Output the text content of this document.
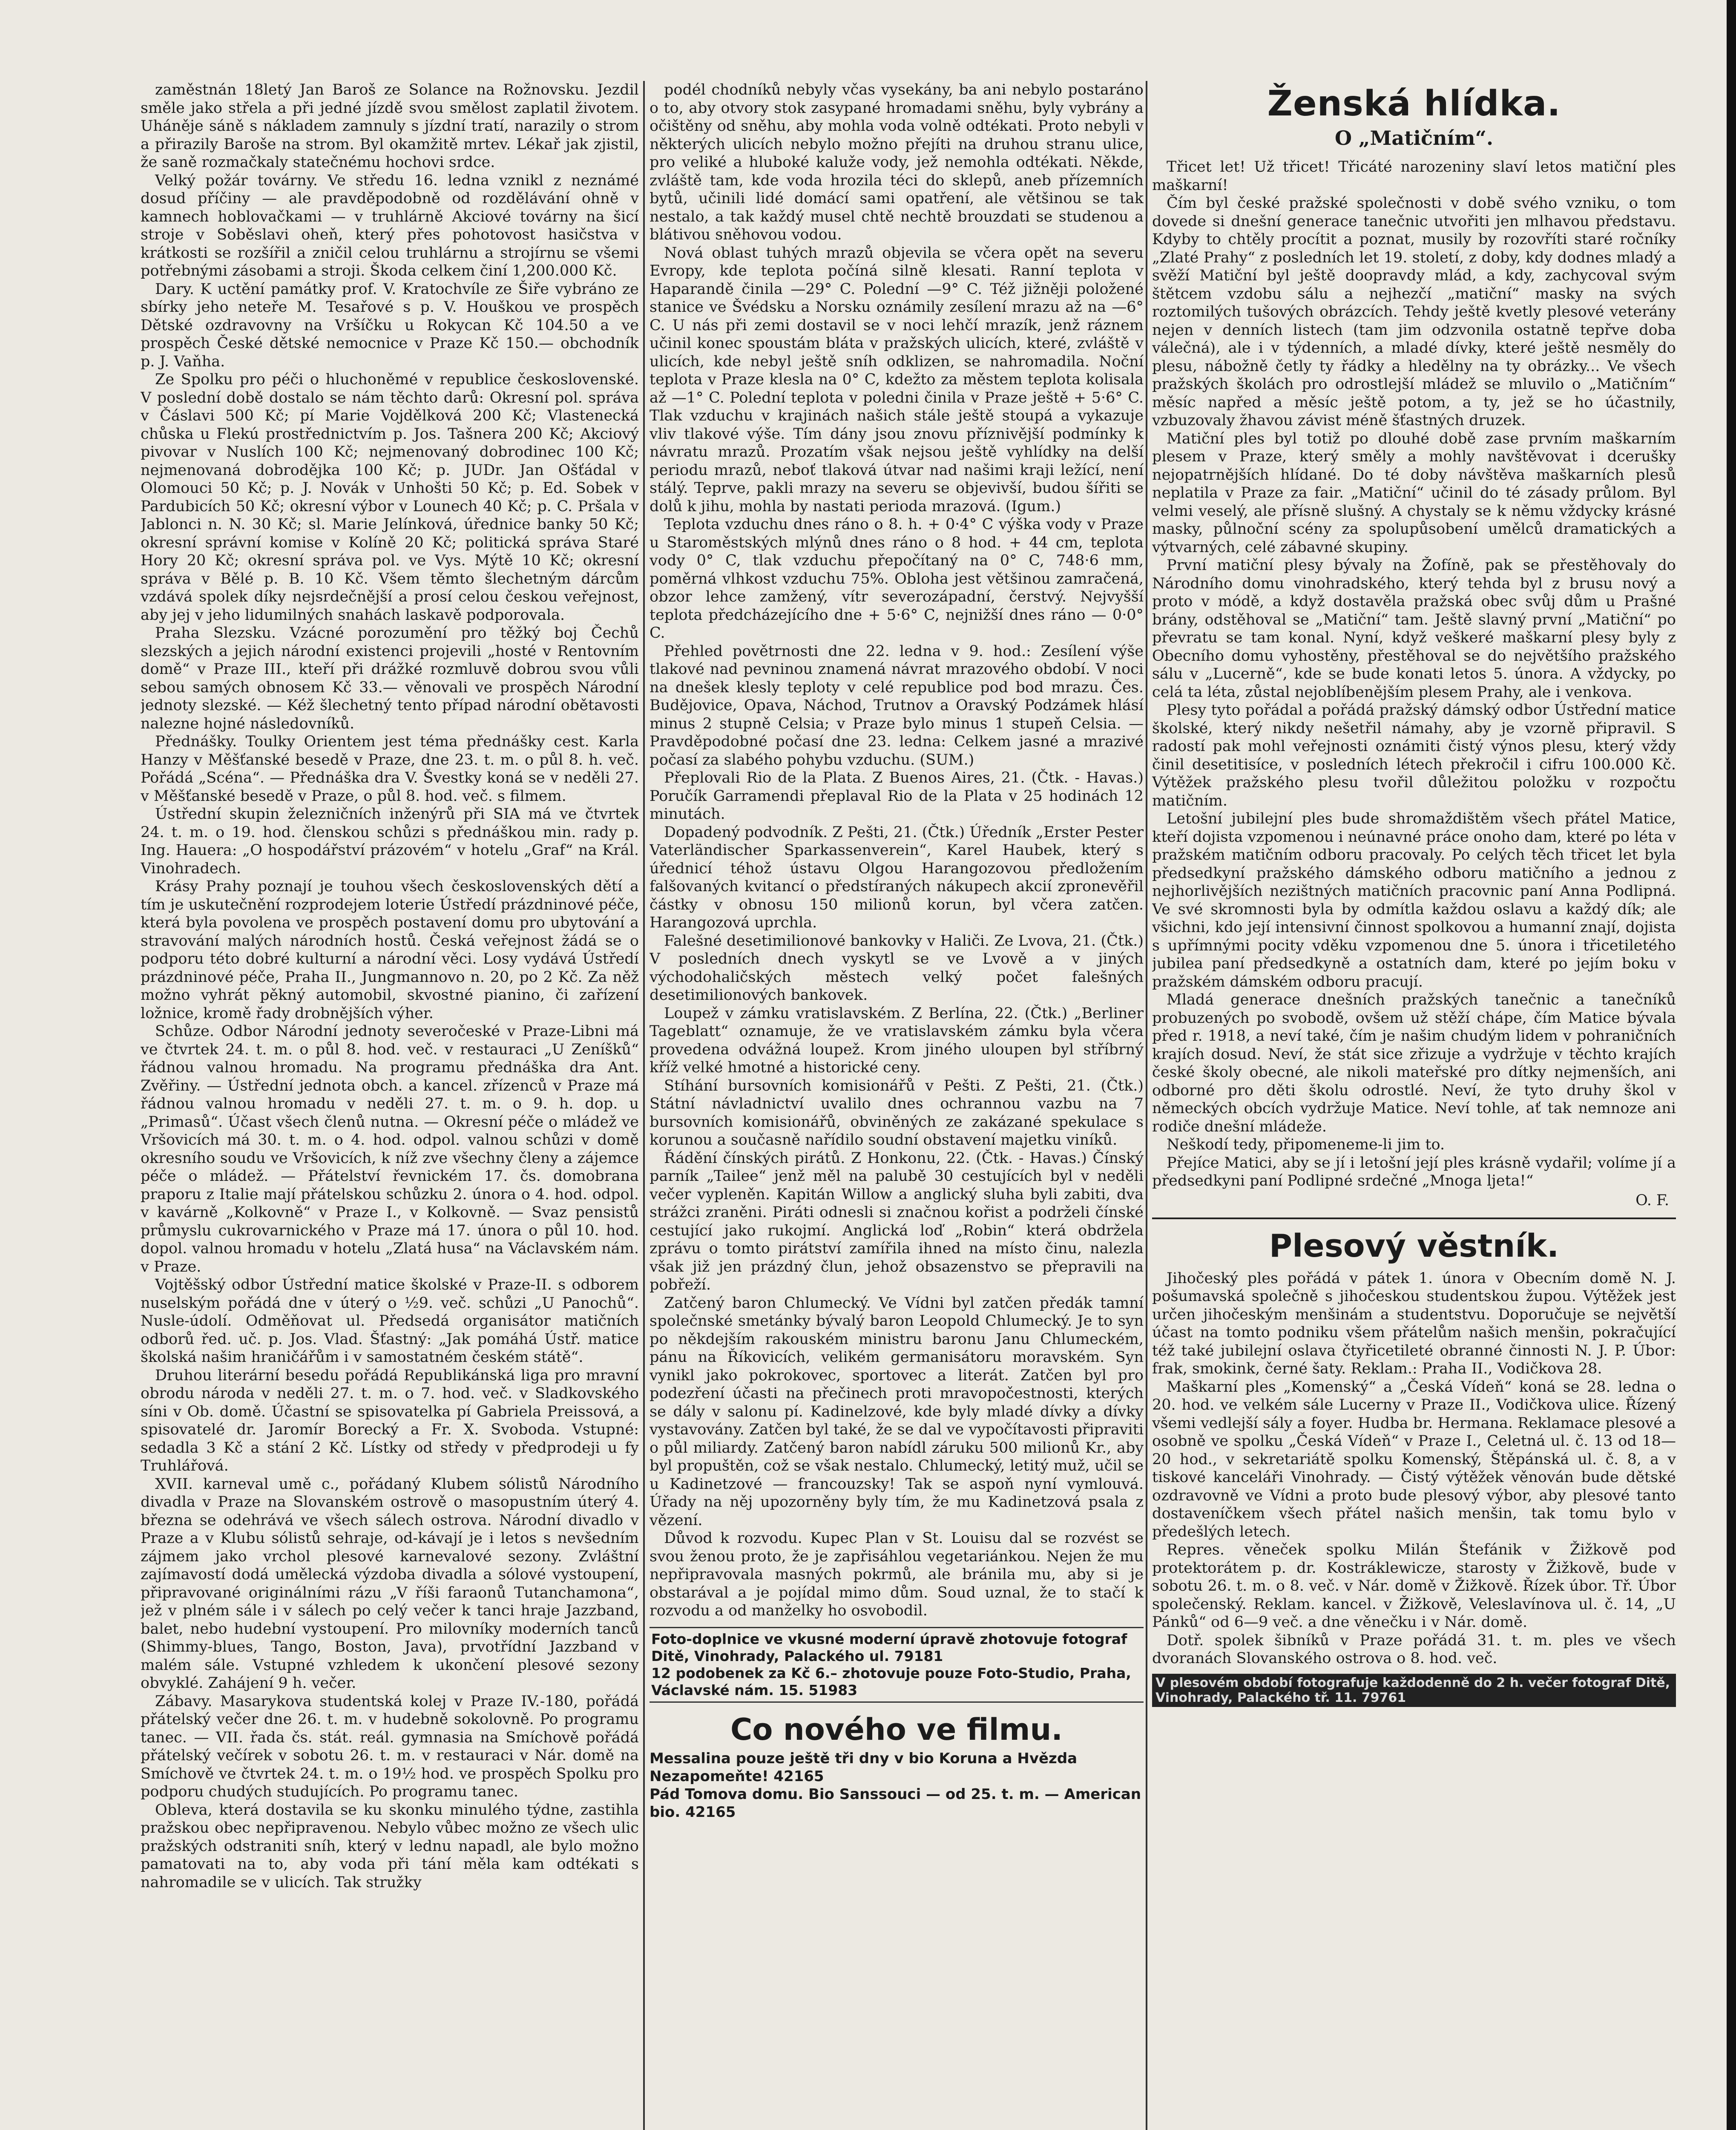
zaměstnán 18letý Jan Baroš ze Solance na Rožnovsku. Jezdil směle jako střela a při jedné jízdě svou smělost zaplatil životem. Uháněje sáně s nákladem zamnuly s jízdní tratí, narazily o strom a přirazily Baroše na strom. Byl okamžitě mrtev. Lékař jak zjistil, že saně rozmačkaly statečnému hochovi srdce.

Velký požár továrny. Ve středu 16. ledna vznikl z neznámé dosud příčiny — ale pravděpodobně od rozdělávání ohně v kamnech hoblovačkami — v truhlárně Akciové továrny na šicí stroje v Soběslavi oheň, který přes pohotovost hasičstva v krátkosti se rozšířil a zničil celou truhlárnu a strojírnu se všemi potřebnými zásobami a stroji. Škoda celkem činí 1,200.000 Kč.

Dary. K uctění památky prof. V. Kratochvíle ze Šiře vybráno ze sbírky jeho neteře M. Tesařové s p. V. Houškou ve prospěch Dětské ozdravovny na Vršíčku u Rokycan Kč 104.50 a ve prospěch České dětské nemocnice v Praze Kč 150.— obchodník p. J. Vaňha.

Ze Spolku pro péči o hluchoněmé v republice československé. V poslední době dostalo se nám těchto darů: Okresní pol. správa v Čáslavi 500 Kč; pí Marie Vojdělková 200 Kč; Vlastenecká chůska u Flekú prostřednictvím p. Jos. Tašnera 200 Kč; Akciový pivovar v Nuslích 100 Kč; nejmenovaný dobrodinec 100 Kč; nejmenovaná dobrodějka 100 Kč; p. JUDr. Jan Ošťádal v Olomouci 50 Kč; p. J. Novák v Unhošti 50 Kč; p. Ed. Sobek v Pardubicích 50 Kč; okresní výbor v Lounech 40 Kč; p. C. Pršala v Jablonci n. N. 30 Kč; sl. Marie Jelínková, úřednice banky 50 Kč; okresní správní komise v Kolíně 20 Kč; politická správa Staré Hory 20 Kč; okresní správa pol. ve Vys. Mýtě 10 Kč; okresní správa v Bělé p. B. 10 Kč. Všem těmto šlechetným dárcům vzdává spolek díky nejsrdečnější a prosí celou českou veřejnost, aby jej v jeho lidumilných snahách laskavě podporovala.

Praha Slezsku. Vzácné porozumění pro těžký boj Čechů slezských a jejich národní existenci projevili „hosté v Rentovním domě“ v Praze III., kteří při drážké rozmluvě dobrou svou vůli sebou samých obnosem Kč 33.— věnovali ve prospěch Národní jednoty slezské. — Kéž šlechetný tento případ národní obětavosti nalezne hojné následovníků.

Přednášky. Toulky Orientem jest téma přednášky cest. Karla Hanzy v Měšťanské besedě v Praze, dne 23. t. m. o půl 8. h. več. Pořádá „Scéna“. — Přednáška dra V. Švestky koná se v neděli 27. v Měšťanské besedě v Praze, o půl 8. hod. več. s filmem.

Ústřední skupin železničních inženýrů při SIA má ve čtvrtek 24. t. m. o 19. hod. členskou schůzi s přednáškou min. rady p. Ing. Hauera: „O hospodářství prázovém“ v hotelu „Graf“ na Král. Vinohradech.

Krásy Prahy poznají je touhou všech československých dětí a tím je uskutečnění rozprodejem loterie Ústředí prázdninové péče, která byla povolena ve prospěch postavení domu pro ubytování a stravování malých národních hostů. Česká veřejnost žádá se o podporu této dobré kulturní a národní věci. Losy vydává Ústředí prázdninové péče, Praha II., Jungmannovo n. 20, po 2 Kč. Za něž možno vyhrát pěkný automobil, skvostné pianino, či zařízení ložnice, kromě řady drobnějších výher.

Schůze. Odbor Národní jednoty severočeské v Praze-Libni má ve čtvrtek 24. t. m. o půl 8. hod. več. v restauraci „U Zeníšků“ řádnou valnou hromadu. Na programu přednáška dra Ant. Zvěřiny. — Ústřední jednota obch. a kancel. zřízenců v Praze má řádnou valnou hromadu v neděli 27. t. m. o 9. h. dop. u „Primasů“. Účast všech členů nutna. — Okresní péče o mládež ve Vršovicích má 30. t. m. o 4. hod. odpol. valnou schůzi v domě okresního soudu ve Vršovicích, k níž zve všechny členy a zájemce péče o mládež. — Přátelství řevnickém 17. čs. domobrana praporu z Italie mají přátelskou schůzku 2. února o 4. hod. odpol. v kavárně „Kolkovně“ v Praze I., v Kolkovně. — Svaz pensistů průmyslu cukrovarnického v Praze má 17. února o půl 10. hod. dopol. valnou hromadu v hotelu „Zlatá husa“ na Václavském nám. v Praze.

Vojtěšský odbor Ústřední matice školské v Praze-II. s odborem nuselským pořádá dne v úterý o ½9. več. schůzi „U Panochů“. Nusle-údolí. Odměňovat ul. Předsedá organisátor matičních odborů řed. uč. p. Jos. Vlad. Šťastný: „Jak pomáhá Ústř. matice školská našim hraničářům i v samostatném českém státě“.

Druhou literární besedu pořádá Republikánská liga pro mravní obrodu národa v neděli 27. t. m. o 7. hod. več. v Sladkovského síni v Ob. domě. Účastní se spisovatelka pí Gabriela Preissová, a spisovatelé dr. Jaromír Borecký a Fr. X. Svoboda. Vstupné: sedadla 3 Kč a stání 2 Kč. Lístky od středy v předprodeji u fy Truhlářová.

XVII. karneval umě c., pořádaný Klubem sólistů Národního divadla v Praze na Slovanském ostrově o masopustním úterý 4. března se odehrává ve všech sálech ostrova. Národní divadlo v Praze a v Klubu sólistů sehraje, od-kávají je i letos s nevšedním zájmem jako vrchol plesové karnevalové sezony. Zvláštní zajímavostí dodá umělecká výzdoba divadla a sólové vystoupení, připravované originálními rázu „V říši faraonů Tutanchamona“, jež v plném sále i v sálech po celý večer k tanci hraje Jazzband, balet, nebo hudební vystoupení. Pro milovníky moderních tanců (Shimmy-blues, Tango, Boston, Java), prvotřídní Jazzband v malém sále. Vstupné vzhledem k ukončení plesové sezony obvyklé. Zahájení 9 h. večer.

Zábavy. Masarykova studentská kolej v Praze IV.-180, pořádá přátelský večer dne 26. t. m. v hudebně sokolovně. Po programu tanec. — VII. řada čs. stát. reál. gymnasia na Smíchově pořádá přátelský večírek v sobotu 26. t. m. v restauraci v Nár. domě na Smíchově ve čtvrtek 24. t. m. o 19½ hod. ve prospěch Spolku pro podporu chudých studujících. Po programu tanec.

Obleva, která dostavila se ku skonku minulého týdne, zastihla pražskou obec nepřipravenou. Nebylo vůbec možno ze všech ulic pražských odstraniti sníh, který v lednu napadl, ale bylo možno pamatovati na to, aby voda při tání měla kam odtékati s nahromadile se v ulicích. Tak stružky

podél chodníků nebyly včas vysekány, ba ani nebylo postaráno o to, aby otvory stok zasypané hromadami sněhu, byly vybrány a očištěny od sněhu, aby mohla voda volně odtékati. Proto nebyli v některých ulicích nebylo možno přejíti na druhou stranu ulice, pro veliké a hluboké kaluže vody, jež nemohla odtékati. Někde, zvláště tam, kde voda hrozila téci do sklepů, aneb přízemních bytů, učinili lidé domácí sami opatření, ale většinou se tak nestalo, a tak každý musel chtě nechtě brouzdati se studenou a blátivou sněhovou vodou.

Nová oblast tuhých mrazů objevila se včera opět na severu Evropy, kde teplota počíná silně klesati. Ranní teplota v Haparandě činila —29° C. Polední —9° C. Též jižněji položené stanice ve Švédsku a Norsku oznámily zesílení mrazu až na —6° C. U nás při zemi dostavil se v noci lehčí mrazík, jenž ráznem učinil konec spoustám bláta v pražských ulicích, které, zvláště v ulicích, kde nebyl ještě sníh odklizen, se nahromadila. Noční teplota v Praze klesla na 0° C, kdežto za městem teplota kolisala až —1° C. Polední teplota v poledni činila v Praze ještě + 5·6° C. Tlak vzduchu v krajinách našich stále ještě stoupá a vykazuje vliv tlakové výše. Tím dány jsou znovu příznivější podmínky k návratu mrazů. Prozatím však nejsou ještě vyhlídky na delší periodu mrazů, neboť tlaková útvar nad našimi kraji ležící, není stálý. Teprve, pakli mrazy na severu se objevivší, budou šířiti se dolů k jihu, mohla by nastati perioda mrazová. (Igum.)

Teplota vzduchu dnes ráno o 8. h. + 0·4° C výška vody v Praze u Staroměstských mlýnů dnes ráno o 8 hod. + 44 cm, teplota vody 0° C, tlak vzduchu přepočítaný na 0° C, 748·6 mm, poměrná vlhkost vzduchu 75%. Obloha jest většinou zamračená, obzor lehce zamžený, vítr severozápadní, čerstvý. Nejvyšší teplota předcházejícího dne + 5·6° C, nejnižší dnes ráno — 0·0° C.

Přehled povětrnosti dne 22. ledna v 9. hod.: Zesílení výše tlakové nad pevninou znamená návrat mrazového období. V noci na dnešek klesly teploty v celé republice pod bod mrazu. Čes. Budějovice, Opava, Náchod, Trutnov a Oravský Podzámek hlásí minus 2 stupně Celsia; v Praze bylo minus 1 stupeň Celsia. — Pravděpodobné počasí dne 23. ledna: Celkem jasné a mrazivé počasí za slabého pohybu vzduchu. (SUM.)

Přeplovali Rio de la Plata. Z Buenos Aires, 21. (Čtk. - Havas.) Poručík Garramendi přeplaval Rio de la Plata v 25 hodinách 12 minutách.

Dopadený podvodník. Z Pešti, 21. (Čtk.) Úředník „Erster Pester Vaterländischer Sparkassenverein“, Karel Haubek, který s úřednicí téhož ústavu Olgou Harangozovou předložením falšovaných kvitancí o předstíraných nákupech akcií zpronevěřil částky v obnosu 150 milionů korun, byl včera zatčen. Harangozová uprchla.

Falešné desetimilionové bankovky v Haliči. Ze Lvova, 21. (Čtk.) V posledních dnech vyskytl se ve Lvově a v jiných východohaličských městech velký počet falešných desetimilionových bankovek.

Loupež v zámku vratislavském. Z Berlína, 22. (Čtk.) „Berliner Tageblatt“ oznamuje, že ve vratislavském zámku byla včera provedena odvážná loupež. Krom jiného uloupen byl stříbrný kříž velké hmotné a historické ceny.

Stíhání bursovních komisionářů v Pešti. Z Pešti, 21. (Čtk.) Státní návladnictví uvalilo dnes ochrannou vazbu na 7 bursovních komisionářů, obviněných ze zakázané spekulace s korunou a současně nařídilo soudní obstavení majetku viníků.

Řádění čínských pirátů. Z Honkonu, 22. (Čtk. - Havas.) Čínský parník „Tailee“ jenž měl na palubě 30 cestujících byl v neděli večer vypleněn. Kapitán Willow a anglický sluha byli zabiti, dva strážci zraněni. Piráti odnesli si značnou kořist a podrželi čínské cestující jako rukojmí. Anglická loď „Robin“ která obdržela zprávu o tomto pirátství zamířila ihned na místo činu, nalezla však již jen prázdný člun, jehož obsazenstvo se přepravili na pobřeží.

Zatčený baron Chlumecký. Ve Vídni byl zatčen předák tamní společnské smetánky bývalý baron Leopold Chlumecký. Je to syn po někdejším rakouském ministru baronu Janu Chlumeckém, pánu na Říkovicích, velikém germanisátoru moravském. Syn vynikl jako pokrokovec, sportovec a literát. Zatčen byl pro podezření účasti na přečinech proti mravopočestnosti, kterých se dály v salonu pí. Kadinelzové, kde byly mladé dívky a dívky vystavovány. Zatčen byl také, že se dal ve vypočítavosti připraviti o půl miliardy. Zatčený baron nabídl záruku 500 milionů Kr., aby byl propuštěn, což se však nestalo. Chlumecký, letitý muž, učil se u Kadinetzové — francouzsky! Tak se aspoň nyní vymlouvá. Úřady na něj upozorněny byly tím, že mu Kadinetzová psala z vězení.

Důvod k rozvodu. Kupec Plan v St. Louisu dal se rozvést se svou ženou proto, že je zapřisáhlou vegetariánkou. Nejen že mu nepřipravovala masných pokrmů, ale bránila mu, aby si je obstarával a je pojídal mimo dům. Soud uznal, že to stačí k rozvodu a od manželky ho osvobodil.

Foto-doplnice ve vkusné moderní úpravě zhotovuje fotograf Ditě, Vinohrady, Palackého ul. 79181
12 podobenek za Kč 6.– zhotovuje pouze Foto-Studio, Praha, Václavské nám. 15. 51983
Co nového ve filmu.

Messalina pouze ještě tři dny v bio Koruna a Hvězda Nezapomeňte! 42165

Pád Tomova domu. Bio Sanssouci — od 25. t. m. — American bio. 42165

Ženská hlídka.
O „Matičním“.

Třicet let! Už třicet! Třicáté narozeniny slaví letos matiční ples maškarní!

Čím byl české pražské společnosti v době svého vzniku, o tom dovede si dnešní generace tanečnic utvořiti jen mlhavou představu. Kdyby to chtěly procítit a poznat, musily by rozovříti staré ročníky „Zlaté Prahy“ z posledních let 19. století, z doby, kdy dodnes mladý a svěží Matiční byl ještě doopravdy mlád, a kdy, zachycoval svým štětcem vzdobu sálu a nejhezčí „matiční“ masky na svých roztomilých tušových obrázcích. Tehdy ještě kvetly plesové veterány nejen v denních listech (tam jim odzvonila ostatně tepřve doba válečná), ale i v týdenních, a mladé dívky, které ještě nesměly do plesu, nábožně četly ty řádky a hledělny na ty obrázky... Ve všech pražských školách pro odrostlejší mládež se mluvilo o „Matičním“ měsíc napřed a měsíc ještě potom, a ty, jež se ho účastnily, vzbuzovaly žhavou závist méně šťastných druzek.

Matiční ples byl totiž po dlouhé době zase prvním maškarním plesem v Praze, který směly a mohly navštěvovat i dcerušky nejopatrnějších hlídané. Do té doby návštěva maškarních plesů neplatila v Praze za fair. „Matiční“ učinil do té zásady průlom. Byl velmi veselý, ale přísně slušný. A chystaly se k němu vždycky krásné masky, půlnoční scény za spolupůsobení umělců dramatických a výtvarných, celé zábavné skupiny.

První matiční plesy bývaly na Žofíně, pak se přestěhovaly do Národního domu vinohradského, který tehda byl z brusu nový a proto v módě, a když dostavěla pražská obec svůj dům u Prašné brány, odstěhoval se „Matiční“ tam. Ještě slavný první „Matiční“ po převratu se tam konal. Nyní, když veškeré maškarní plesy byly z Obecního domu vyhostěny, přestěhoval se do největšího pražského sálu v „Lucerně“, kde se bude konati letos 5. února. A vždycky, po celá ta léta, zůstal nejoblíbenějším plesem Prahy, ale i venkova.

Plesy tyto pořádal a pořádá pražský dámský odbor Ústřední matice školské, který nikdy nešetřil námahy, aby je vzorně připravil. S radostí pak mohl veřejnosti oznámiti čistý výnos plesu, který vždy činil desetitisíce, v posledních létech překročil i cifru 100.000 Kč. Výtěžek pražského plesu tvořil důležitou položku v rozpočtu matičním.

Letošní jubilejní ples bude shromaždištěm všech přátel Matice, kteří dojista vzpomenou i neúnavné práce onoho dam, které po léta v pražském matičním odboru pracovaly. Po celých těch třicet let byla předsedkyní pražského dámského odboru matičního a jednou z nejhorlivějších nezištných matičních pracovnic paní Anna Podlipná. Ve své skromnosti byla by odmítla každou oslavu a každý dík; ale všichni, kdo její intensivní činnost spolkovou a humanní znají, dojista s upřímnými pocity vděku vzpomenou dne 5. února i třicetiletého jubilea paní předsedkyně a ostatních dam, které po jejím boku v pražském dámském odboru pracují.

Mladá generace dnešních pražských tanečnic a tanečníků probuzených po svobodě, ovšem už stěží chápe, čím Matice bývala před r. 1918, a neví také, čím je našim chudým lidem v pohraničních krajích dosud. Neví, že stát sice zřizuje a vydržuje v těchto krajích české školy obecné, ale nikoli mateřské pro dítky nejmenších, ani odborné pro děti školu odrostlé. Neví, že tyto druhy škol v německých obcích vydržuje Matice. Neví tohle, ať tak nemnoze ani rodiče dnešní mládeže.

Neškodí tedy, připomeneme-li jim to.

Přejíce Matici, aby se jí i letošní její ples krásně vydařil; volíme jí a předsedkyni paní Podlipné srdečné „Mnoga ljeta!“

O. F.
Plesový věstník.

Jihočeský ples pořádá v pátek 1. února v Obecním domě N. J. pošumavská společně s jihočeskou studentskou župou. Výtěžek jest určen jihočeským menšinám a studentstvu. Doporučuje se největší účast na tomto podniku všem přátelům našich menšin, pokračující též také jubilejní oslava čtyřicetileté obranné činnosti N. J. P. Úbor: frak, smokink, černé šaty. Reklam.: Praha II., Vodičkova 28.

Maškarní ples „Komenský“ a „Česká Vídeň“ koná se 28. ledna o 20. hod. ve velkém sále Lucerny v Praze II., Vodičkova ulice. Řízený všemi vedlejší sály a foyer. Hudba br. Hermana. Reklamace plesové a osobně ve spolku „Česká Vídeň“ v Praze I., Celetná ul. č. 13 od 18—20 hod., v sekretariátě spolku Komenský, Štěpánská ul. č. 8, a v tiskové kanceláři Vinohrady. — Čistý výtěžek věnován bude dětské ozdravovně ve Vídni a proto bude plesový výbor, aby plesové tanto dostaveníčkem všech přátel našich menšin, tak tomu bylo v předešlých letech.

Repres. věneček spolku Milán Štefánik v Žižkově pod protektorátem p. dr. Kostráklewicze, starosty v Žižkově, bude v sobotu 26. t. m. o 8. več. v Nár. domě v Žižkově. Řízek úbor. Tř. Úbor společenský. Reklam. kancel. v Žižkově, Veleslavínova ul. č. 14, „U Pánků“ od 6—9 več. a dne věnečku i v Nár. domě.

Dotř. spolek šibníků v Praze pořádá 31. t. m. ples ve všech dvoranách Slovanského ostrova o 8. hod. več.

V plesovém období fotografuje každodenně do 2 h. večer fotograf Ditě, Vinohrady, Palackého tř. 11. 79761
